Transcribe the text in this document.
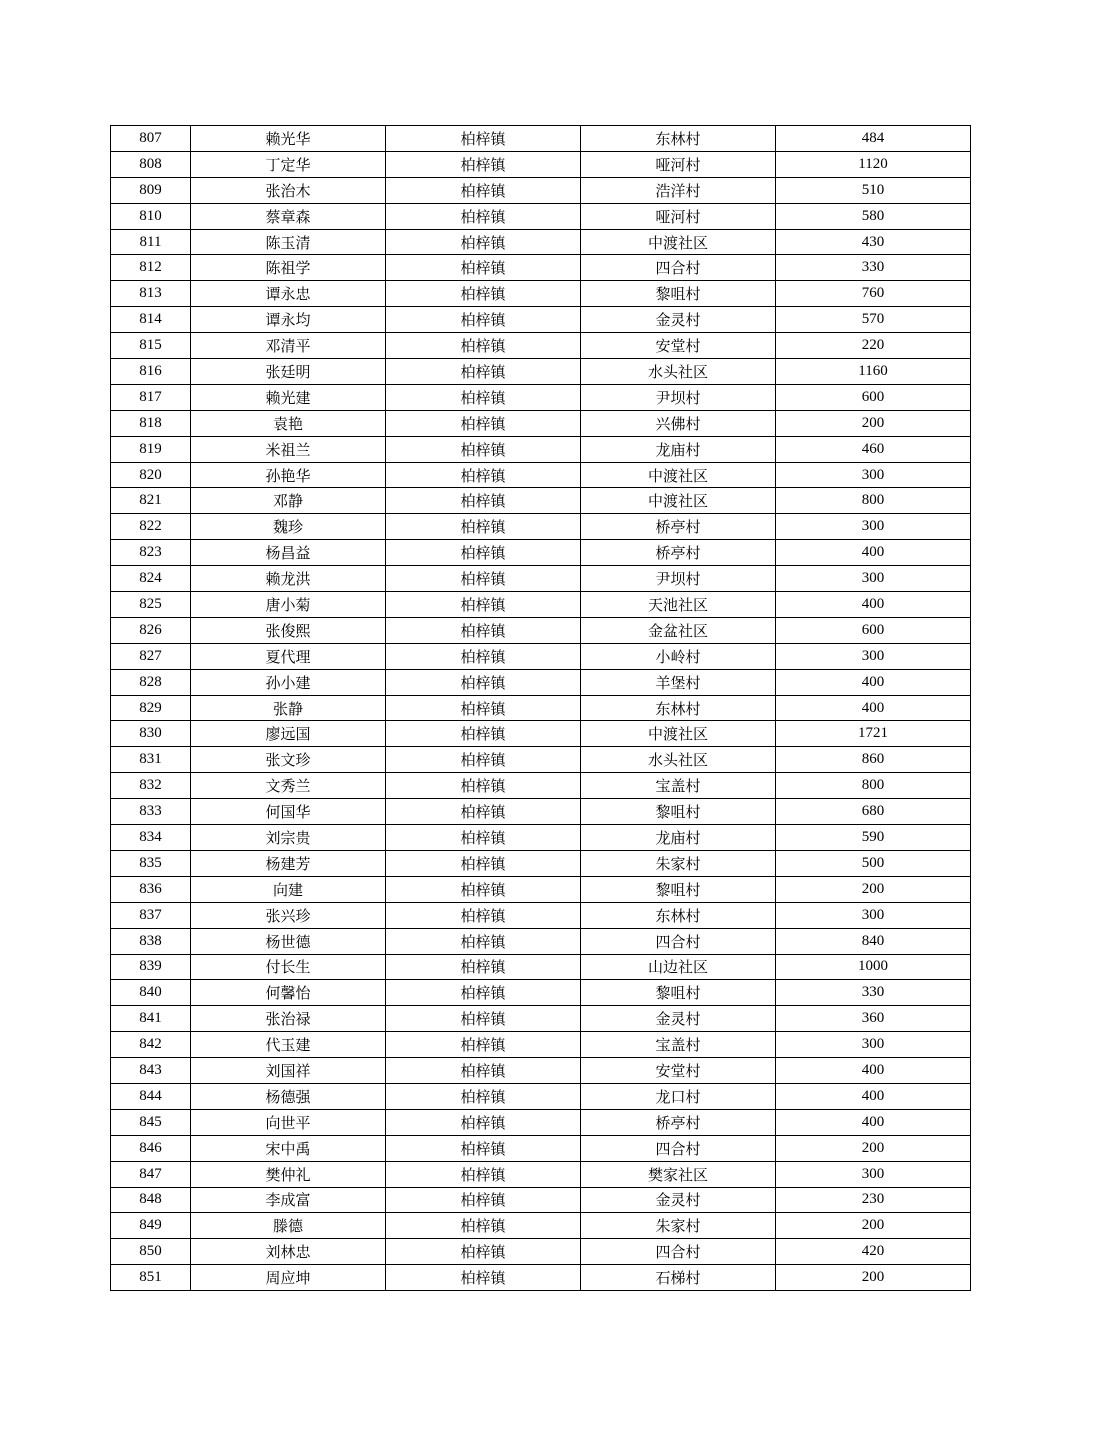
807	赖光华	柏梓镇	东林村	484
808	丁定华	柏梓镇	哑河村	1120
809	张治木	柏梓镇	浩洋村	510
810	蔡章森	柏梓镇	哑河村	580
811	陈玉清	柏梓镇	中渡社区	430
812	陈祖学	柏梓镇	四合村	330
813	谭永忠	柏梓镇	黎咀村	760
814	谭永均	柏梓镇	金灵村	570
815	邓清平	柏梓镇	安堂村	220
816	张廷明	柏梓镇	水头社区	1160
817	赖光建	柏梓镇	尹坝村	600
818	袁艳	柏梓镇	兴佛村	200
819	米祖兰	柏梓镇	龙庙村	460
820	孙艳华	柏梓镇	中渡社区	300
821	邓静	柏梓镇	中渡社区	800
822	魏珍	柏梓镇	桥亭村	300
823	杨昌益	柏梓镇	桥亭村	400
824	赖龙洪	柏梓镇	尹坝村	300
825	唐小菊	柏梓镇	天池社区	400
826	张俊熙	柏梓镇	金盆社区	600
827	夏代理	柏梓镇	小岭村	300
828	孙小建	柏梓镇	羊堡村	400
829	张静	柏梓镇	东林村	400
830	廖远国	柏梓镇	中渡社区	1721
831	张文珍	柏梓镇	水头社区	860
832	文秀兰	柏梓镇	宝盖村	800
833	何国华	柏梓镇	黎咀村	680
834	刘宗贵	柏梓镇	龙庙村	590
835	杨建芳	柏梓镇	朱家村	500
836	向建	柏梓镇	黎咀村	200
837	张兴珍	柏梓镇	东林村	300
838	杨世德	柏梓镇	四合村	840
839	付长生	柏梓镇	山边社区	1000
840	何馨怡	柏梓镇	黎咀村	330
841	张治禄	柏梓镇	金灵村	360
842	代玉建	柏梓镇	宝盖村	300
843	刘国祥	柏梓镇	安堂村	400
844	杨德强	柏梓镇	龙口村	400
845	向世平	柏梓镇	桥亭村	400
846	宋中禹	柏梓镇	四合村	200
847	樊仲礼	柏梓镇	樊家社区	300
848	李成富	柏梓镇	金灵村	230
849	滕德	柏梓镇	朱家村	200
850	刘林忠	柏梓镇	四合村	420
851	周应坤	柏梓镇	石梯村	200
